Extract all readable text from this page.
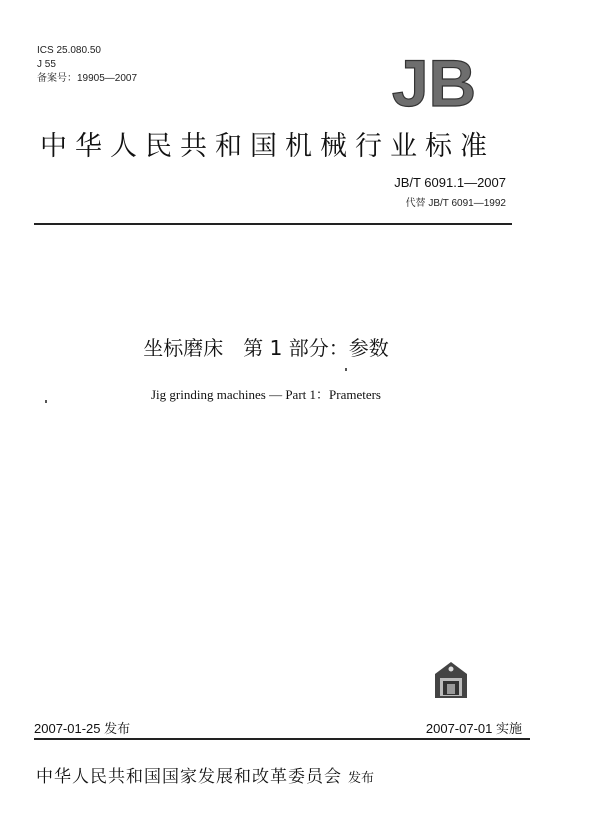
ICS 25.080.50
J 55
备案号：19905—2007	JB
中华人民共和国机械行业标准
JB/T 6091.1—2007
代替 JB/T 6091—1992
坐标磨床　第 1 部分：参数
Jig grinding machines — Part 1：Prameters
2007-01-25 发布	2007-07-01 实施
中华人民共和国国家发展和改革委员会 发布
